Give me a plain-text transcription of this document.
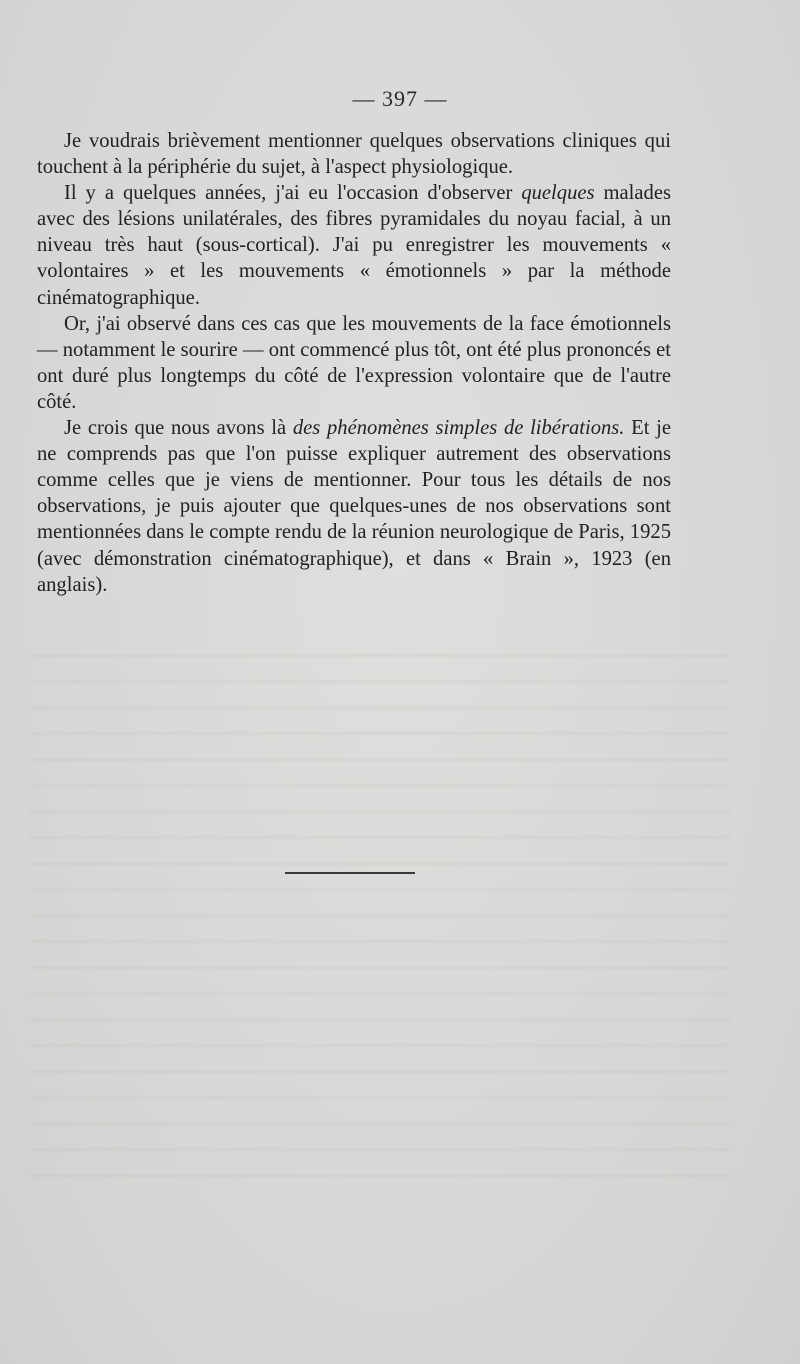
— 397 —

Je voudrais brièvement mentionner quelques observations cliniques qui touchent à la périphérie du sujet, à l'aspect physiologique.

Il y a quelques années, j'ai eu l'occasion d'observer quelques malades avec des lésions unilatérales, des fibres pyramidales du noyau facial, à un niveau très haut (sous-cortical). J'ai pu enregistrer les mouvements « volontaires » et les mouvements « émotionnels » par la méthode cinématographique.

Or, j'ai observé dans ces cas que les mouvements de la face émotionnels — notamment le sourire — ont commencé plus tôt, ont été plus prononcés et ont duré plus longtemps du côté de l'expression volontaire que de l'autre côté.

Je crois que nous avons là des phénomènes simples de libérations. Et je ne comprends pas que l'on puisse expliquer autrement des observations comme celles que je viens de mentionner. Pour tous les détails de nos observations, je puis ajouter que quelques-unes de nos observations sont mentionnées dans le compte rendu de la réunion neurologique de Paris, 1925 (avec démonstration cinématographique), et dans « Brain », 1923 (en anglais).
